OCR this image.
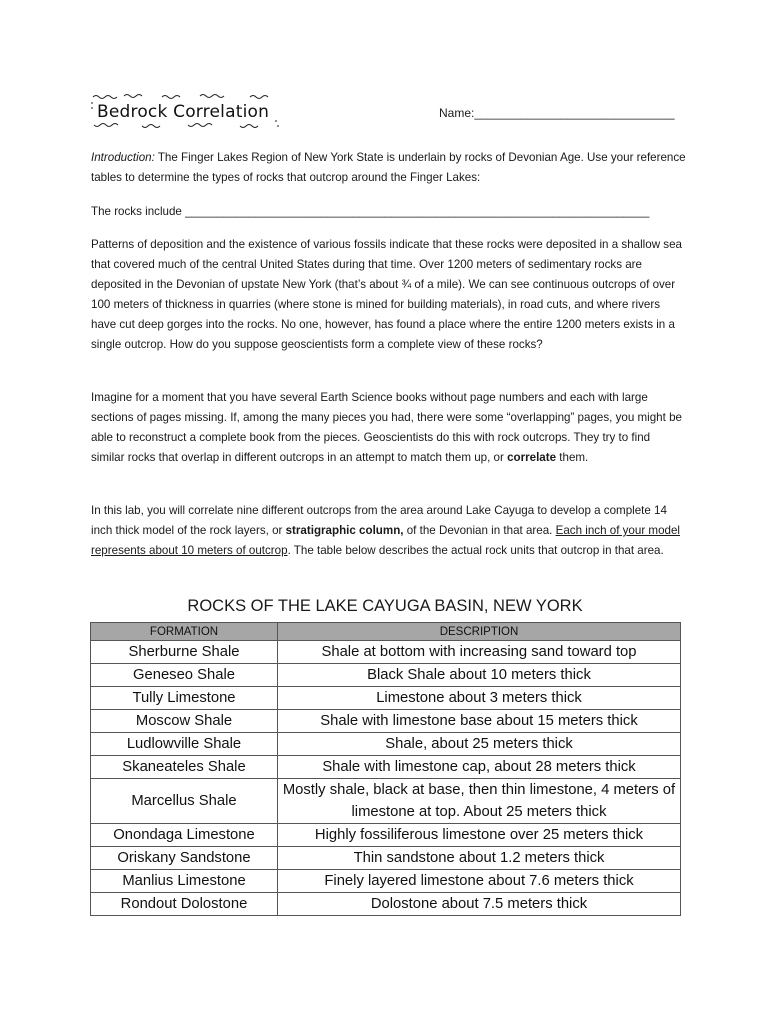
Bedrock Correlation	Name:______________________________

Introduction: The Finger Lakes Region of New York State is underlain by rocks of Devonian Age. Use your reference tables to determine the types of rocks that outcrop around the Finger Lakes:

The rocks include ________________________________________________________________________

Patterns of deposition and the existence of various fossils indicate that these rocks were deposited in a shallow sea that covered much of the central United States during that time. Over 1200 meters of sedimentary rocks are deposited in the Devonian of upstate New York (that’s about ¾ of a mile). We can see continuous outcrops of over 100 meters of thickness in quarries (where stone is mined for building materials), in road cuts, and where rivers have cut deep gorges into the rocks. No one, however, has found a place where the entire 1200 meters exists in a single outcrop. How do you suppose geoscientists form a complete view of these rocks?

Imagine for a moment that you have several Earth Science books without page numbers and each with large sections of pages missing. If, among the many pieces you had, there were some “overlapping” pages, you might be able to reconstruct a complete book from the pieces. Geoscientists do this with rock outcrops. They try to find similar rocks that overlap in different outcrops in an attempt to match them up, or correlate them.

In this lab, you will correlate nine different outcrops from the area around Lake Cayuga to develop a complete 14 inch thick model of the rock layers, or stratigraphic column, of the Devonian in that area. Each inch of your model represents about 10 meters of outcrop. The table below describes the actual rock units that outcrop in that area.

ROCKS OF THE LAKE CAYUGA BASIN, NEW YORK
FORMATION	DESCRIPTION
Sherburne Shale	Shale at bottom with increasing sand toward top
Geneseo Shale	Black Shale about 10 meters thick
Tully Limestone	Limestone about 3 meters thick
Moscow Shale	Shale with limestone base about 15 meters thick
Ludlowville Shale	Shale, about 25 meters thick
Skaneateles Shale	Shale with limestone cap, about 28 meters thick
Marcellus Shale	Mostly shale, black at base, then thin limestone, 4 meters of limestone at top. About 25 meters thick
Onondaga Limestone	Highly fossiliferous limestone over 25 meters thick
Oriskany Sandstone	Thin sandstone about 1.2 meters thick
Manlius Limestone	Finely layered limestone about 7.6 meters thick
Rondout Dolostone	Dolostone about 7.5 meters thick
